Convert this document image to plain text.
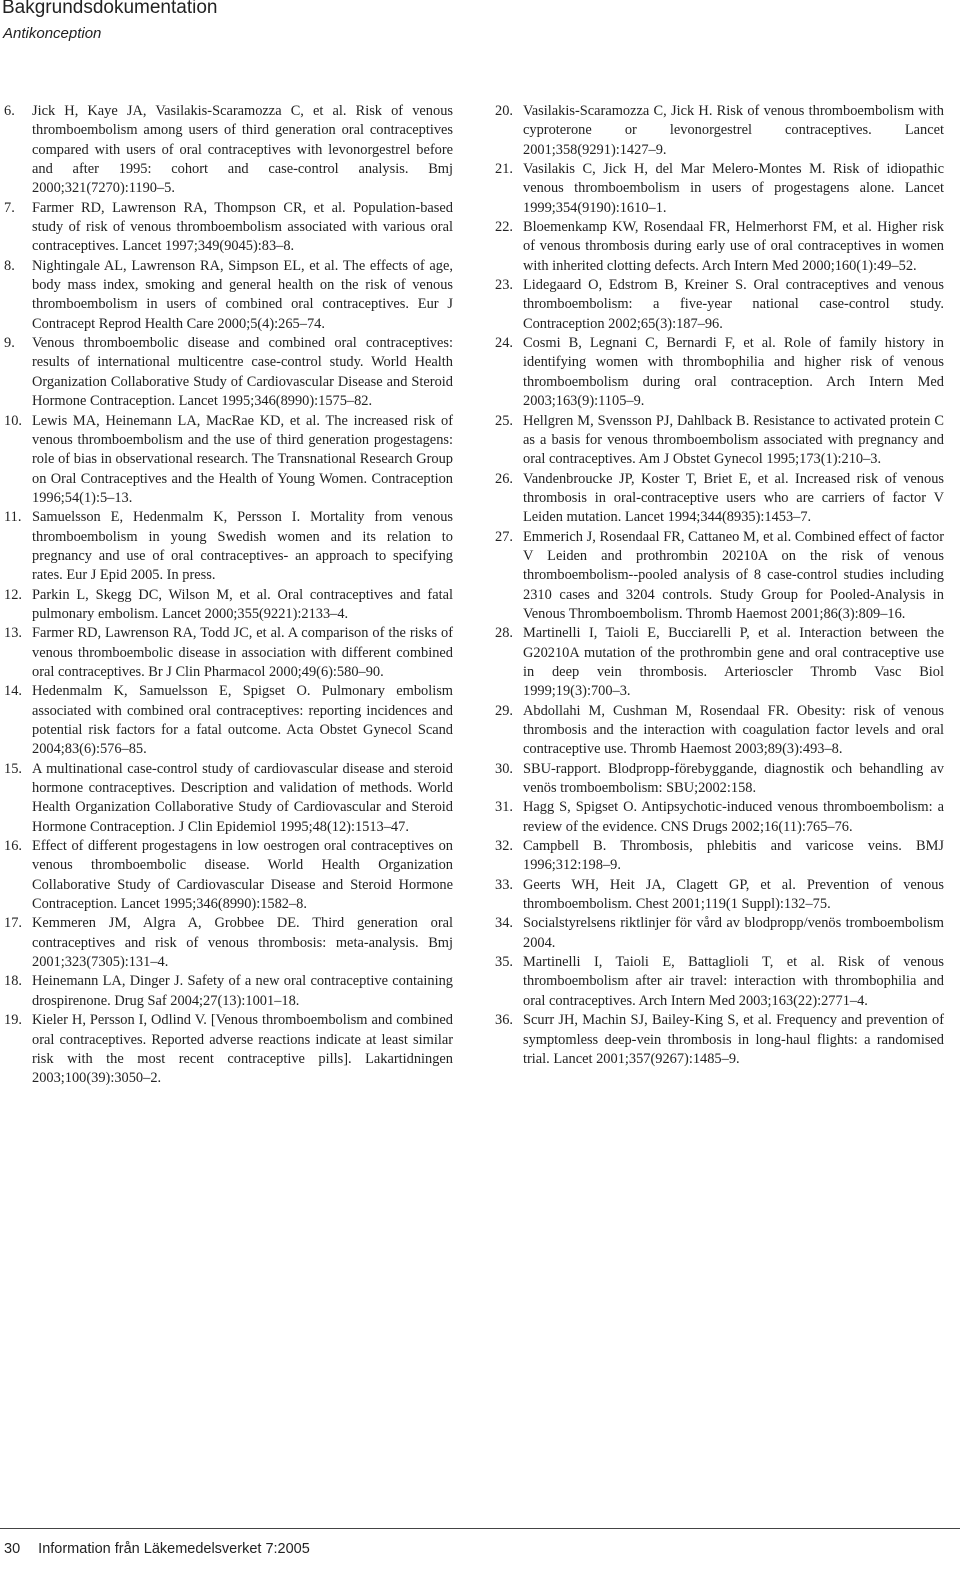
Bakgrundsdokumentation
Antikonception
6. Jick H, Kaye JA, Vasilakis-Scaramozza C, et al. Risk of venous thromboembolism among users of third generation oral contraceptives compared with users of oral contraceptives with levonorgestrel before and after 1995: cohort and case-control analysis. Bmj 2000;321(7270):1190–5.
7. Farmer RD, Lawrenson RA, Thompson CR, et al. Population-based study of risk of venous thromboembolism associated with various oral contraceptives. Lancet 1997;349(9045):83–8.
8. Nightingale AL, Lawrenson RA, Simpson EL, et al. The effects of age, body mass index, smoking and general health on the risk of venous thromboembolism in users of combined oral contraceptives. Eur J Contracept Reprod Health Care 2000;5(4):265–74.
9. Venous thromboembolic disease and combined oral contraceptives: results of international multicentre case-control study. World Health Organization Collaborative Study of Cardiovascular Disease and Steroid Hormone Contraception. Lancet 1995;346(8990):1575–82.
10. Lewis MA, Heinemann LA, MacRae KD, et al. The increased risk of venous thromboembolism and the use of third generation progestagens: role of bias in observational research. The Transnational Research Group on Oral Contraceptives and the Health of Young Women. Contraception 1996;54(1):5–13.
11. Samuelsson E, Hedenmalm K, Persson I. Mortality from venous thromboembolism in young Swedish women and its relation to pregnancy and use of oral contraceptives- an approach to specifying rates. Eur J Epid 2005. In press.
12. Parkin L, Skegg DC, Wilson M, et al. Oral contraceptives and fatal pulmonary embolism. Lancet 2000;355(9221):2133–4.
13. Farmer RD, Lawrenson RA, Todd JC, et al. A comparison of the risks of venous thromboembolic disease in association with different combined oral contraceptives. Br J Clin Pharmacol 2000;49(6):580–90.
14. Hedenmalm K, Samuelsson E, Spigset O. Pulmonary embolism associated with combined oral contraceptives: reporting incidences and potential risk factors for a fatal outcome. Acta Obstet Gynecol Scand 2004;83(6):576–85.
15. A multinational case-control study of cardiovascular disease and steroid hormone contraceptives. Description and validation of methods. World Health Organization Collaborative Study of Cardiovascular and Steroid Hormone Contraception. J Clin Epidemiol 1995;48(12):1513–47.
16. Effect of different progestagens in low oestrogen oral contraceptives on venous thromboembolic disease. World Health Organization Collaborative Study of Cardiovascular Disease and Steroid Hormone Contraception. Lancet 1995;346(8990):1582–8.
17. Kemmeren JM, Algra A, Grobbee DE. Third generation oral contraceptives and risk of venous thrombosis: meta-analysis. Bmj 2001;323(7305):131–4.
18. Heinemann LA, Dinger J. Safety of a new oral contraceptive containing drospirenone. Drug Saf 2004;27(13):1001–18.
19. Kieler H, Persson I, Odlind V. [Venous thromboembolism and combined oral contraceptives. Reported adverse reactions indicate at least similar risk with the most recent contraceptive pills]. Lakartidningen 2003;100(39):3050–2.
20. Vasilakis-Scaramozza C, Jick H. Risk of venous thromboembolism with cyproterone or levonorgestrel contraceptives. Lancet 2001;358(9291):1427–9.
21. Vasilakis C, Jick H, del Mar Melero-Montes M. Risk of idiopathic venous thromboembolism in users of progestagens alone. Lancet 1999;354(9190):1610–1.
22. Bloemenkamp KW, Rosendaal FR, Helmerhorst FM, et al. Higher risk of venous thrombosis during early use of oral contraceptives in women with inherited clotting defects. Arch Intern Med 2000;160(1):49–52.
23. Lidegaard O, Edstrom B, Kreiner S. Oral contraceptives and venous thromboembolism: a five-year national case-control study. Contraception 2002;65(3):187–96.
24. Cosmi B, Legnani C, Bernardi F, et al. Role of family history in identifying women with thrombophilia and higher risk of venous thromboembolism during oral contraception. Arch Intern Med 2003;163(9):1105–9.
25. Hellgren M, Svensson PJ, Dahlback B. Resistance to activated protein C as a basis for venous thromboembolism associated with pregnancy and oral contraceptives. Am J Obstet Gynecol 1995;173(1):210–3.
26. Vandenbroucke JP, Koster T, Briet E, et al. Increased risk of venous thrombosis in oral-contraceptive users who are carriers of factor V Leiden mutation. Lancet 1994;344(8935):1453–7.
27. Emmerich J, Rosendaal FR, Cattaneo M, et al. Combined effect of factor V Leiden and prothrombin 20210A on the risk of venous thromboembolism--pooled analysis of 8 case-control studies including 2310 cases and 3204 controls. Study Group for Pooled-Analysis in Venous Thromboembolism. Thromb Haemost 2001;86(3):809–16.
28. Martinelli I, Taioli E, Bucciarelli P, et al. Interaction between the G20210A mutation of the prothrombin gene and oral contraceptive use in deep vein thrombosis. Arterioscler Thromb Vasc Biol 1999;19(3):700–3.
29. Abdollahi M, Cushman M, Rosendaal FR. Obesity: risk of venous thrombosis and the interaction with coagulation factor levels and oral contraceptive use. Thromb Haemost 2003;89(3):493–8.
30. SBU-rapport. Blodpropp-förebyggande, diagnostik och behandling av venös tromboembolism: SBU;2002:158.
31. Hagg S, Spigset O. Antipsychotic-induced venous thromboembolism: a review of the evidence. CNS Drugs 2002;16(11):765–76.
32. Campbell B. Thrombosis, phlebitis and varicose veins. BMJ 1996;312:198–9.
33. Geerts WH, Heit JA, Clagett GP, et al. Prevention of venous thromboembolism. Chest 2001;119(1 Suppl):132–75.
34. Socialstyrelsens riktlinjer för vård av blodpropp/venös tromboembolism 2004.
35. Martinelli I, Taioli E, Battaglioli T, et al. Risk of venous thromboembolism after air travel: interaction with thrombophilia and oral contraceptives. Arch Intern Med 2003;163(22):2771–4.
36. Scurr JH, Machin SJ, Bailey-King S, et al. Frequency and prevention of symptomless deep-vein thrombosis in long-haul flights: a randomised trial. Lancet 2001;357(9267):1485–9.
30 Information från Läkemedelsverket 7:2005
